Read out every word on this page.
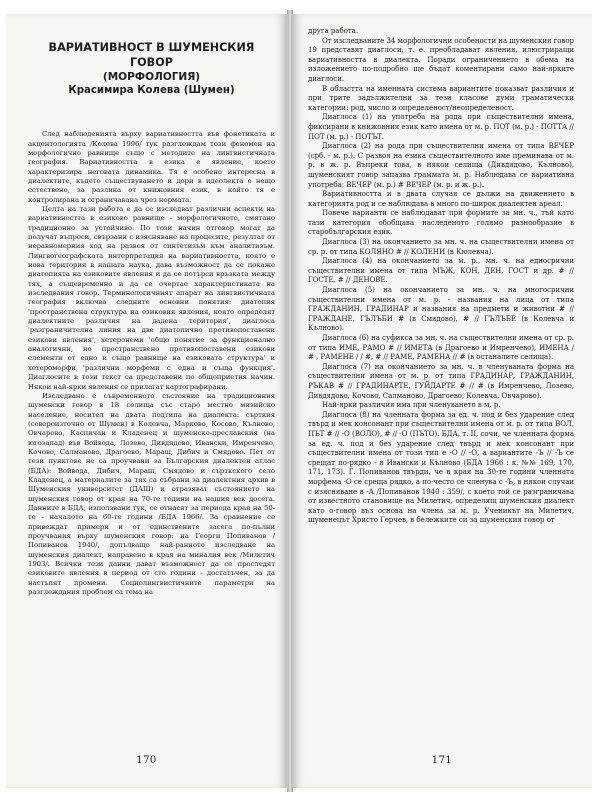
ВАРИАТИВНОСТ В ШУМЕНСКИЯ ГОВОР
(МОРФОЛОГИЯ)
Красимира Колева (Шумен)

След наблюденията върху вариативността във фонетиката и акцентологията /Колева 1996/ тук разглеждам този феномен на морфологично равнище също с методите на лингвистичната география. Вариативността в езика е явление, което характеризира неговата динамика. Тя е особено интересна в диалектите, където съществуването и дори в идеолекта е нещо естествено, за разлика от книжовния език, в който тя е контролирана и ограничавана чрез нормата.

Целта на тази работа е да се изследват различни аспекти на вариативността в езиково равнище - морфологичното, смятано традиционно за устойчиво. По този начин отговор могат да получат въпроси, свързани с изясняване на процесите, резултат от неравномерния ход на развоя от синтетизъм към аналитизъм. Лингвогеографската интерпретация на вариативността, която е нова територия в нашата наука, дава възможност да се покаже диатопията на езиковите явления и да се потърси връзката между тях, а същевременно и да се очертае характеристиката на изследвания говор. Терминологичният апарат на лингвистичната география включва следните основни понятия: диатопия 'пространствена структура на езиковия явления, която определят диалектните различия на дадена територия', диаглоса 'разграничителна линия на две диатопично противопоставени езикови явления', хетеронеми 'общо понятие за функционално аналогични, но пространствено противопоставени езикови елементи от едно и също равнище на езиковата структура' и хетероморфи 'различни морфеми с една и съща функция'. Диаглосите в този текст са представени по общоприетия начин. Някои най-ярки явления се прилагат картографирани.

Изследвано е съвременното състояние на традиционния шуменски говор в 18 селища със старо местно мизийско население, носител на двата подтипа на диалекта: сърткия (североизточно от Шумен) в Колевча, Марково, Косово, Кълново, Овчарово, Каспичан и Кладенец и шуменско-преславския (на югозапад) във Войвода, Лозево, Дивдядово, Ивански, Имренчево, Кочово, Салманово, Драгоево, Мараш, Дибич и Смядово. Пет от тези пунктове не са проучвани за Българския диалектен атлас (БДА): Войвода, Дибич, Мараш, Смядово и сърткского село Кладенец, а материалите за тях са събрани за диалектния архив в Шуменския университет (ДАШ) и отразяват състоянието на шуменския говор от края на 70-те години на нашия век досега. Данните в БДА, използвани тук, се отнасят за периода края на 50-те - началото на 60-те години /БДА 1966/. За сравнение се привеждат примери и от единствените засега по-пълни проучвания върху шуменския говор: на Георги Попиванов /Попиванов 1940/, допълващо най-ранното изследване на шуменския диалект, направено в края на миналия век /Милетич 1903/. Всички тези данни дават възможност да се проследят езиковите явления в период от сто години - достатъчен, за да настъпят промени. Социолингвистичните параметри на разглеждания проблем са тема на

170

друга работа.

От изследваните 34 морфологични особености на шуменския говор 19 представят диаглоси, т. е. преобладават явления, илюстриращи вариативността в диалекта. Поради ограничението в обема на изложението по-подробно ще бъдат коментирани само най-ярките диаглоси.

В областта на именната система вариантите показват различия и при трите задължителни за тези класове думи граматически категории: род, число и определеност/неопределеност.

Диаглоса (1) на употреба на рода при съществителни имена, фиксирани в книжовния език като имена от м. р. ПОТ (м. р.) - ПОТТА // ПОТ (м. р.) - ПОТЪТ.

Диаглоса (2) на рода при съществителни имена от типа ВЕЧЕР (срб. - м. р.). С развоя на езика съществителното име преминава от м. р. в ж. р. Въпреки това, в някои селища (Дивдядово, Кълново), шуменският говор запазва граммата м. р. Наблюдава се вариативна употреба: ВЕЧЕР (м. р.) # ВЕЧЕР (м. р. и ж. р.).

Вариативността и в двата случая се дължи на движението в категорията род и се наблюдава в много по-широк диалектен ареал.

Повече варианти се наблюдават при формите за мн. ч., тъй като тази категория обобщава наследеното голямо разнообразие в старобългарския език.

Диаглоса (3) на окончанието за мн. ч. на съществителни имена от ср. р. от типа КОЛЯНО # // КОЛЕНИ (в Кюлевча).

Диаглоса (4) на окончанието за м. р., мн. ч. на едносрични съществителни имена от типа МЪЖ, КОН, ДЕН, ГОСТ и др. # // ГОСТЕ, # // ДЕНОВЕ.

Диаглоса (5) на окончанието за мн. ч. на многосрични съществителни имена от м. р. - названия на лица от типа ГРАЖДАНИН, ГРАДИНАР и названия на предмети и животни # // ГРАЖДАНЕ, ГЪЛЪБИ # (в Смядово), # // ГЪЛЪБЕ (в Колевча и Кълново).

Диаглоса (6) на суфикса за мн. ч. на съществителни имена от ср. р. от типа ИМЕ, РАМО # // ИМЕТА (в Драгоево и Имренчево), ИМЕНА / # , РАМЕНЕ / / #, # // РАМЕ, РАМЕНА // # (в останалите селища).

Диаглоса (7) на окончанието за мн. ч. в членуваната форма на съществителни имена от м. р. от типа ГРАДИНАР, ГРАЖДАНИН, РЪКАВ # // ГРАДИНАРТЕ, ГУЙДАРТЕ # // # (в Имренчево, Лозево, Дивдядово, Кочово, Салманово, Драгоево, Колевча, Овчарово).

Най-ярки различия има при членуването в м. р.

Диаглоса (8) на членната форма за ед. ч. под и без ударение след твърд и мек консонант при съществителни имена от м. р. от типа ВОЛ, ПЪТ # // -О (ВОЛО), # // -О (ПЪТО). БДА, т. II, сочи, че членната форма за ед. ч. под и без ударение след твърд и мек консонант при съществителни имена от този тип е -О // -О, а вариантите -Ъ // -Ъ се срещат по-рядко - в Ивански и Кълново (БДА 1966 : к. №№ 169, 170, 171, 173). Г. Попиванов твърди, че в края на 30-те години членната морфема -О се среща рядко, а по-често се членува с -Ъ, в някои случаи с изясняване в -А /Попиванов 1940 : 359/, с което той се разграничава от известното становище на Милетич, определящ шуменския диалект като о-говор въз основа на члена за м. р. Ученикът на Милетич, шуменецът Христо Герчев, в бележките си за шуменския говор от

171
